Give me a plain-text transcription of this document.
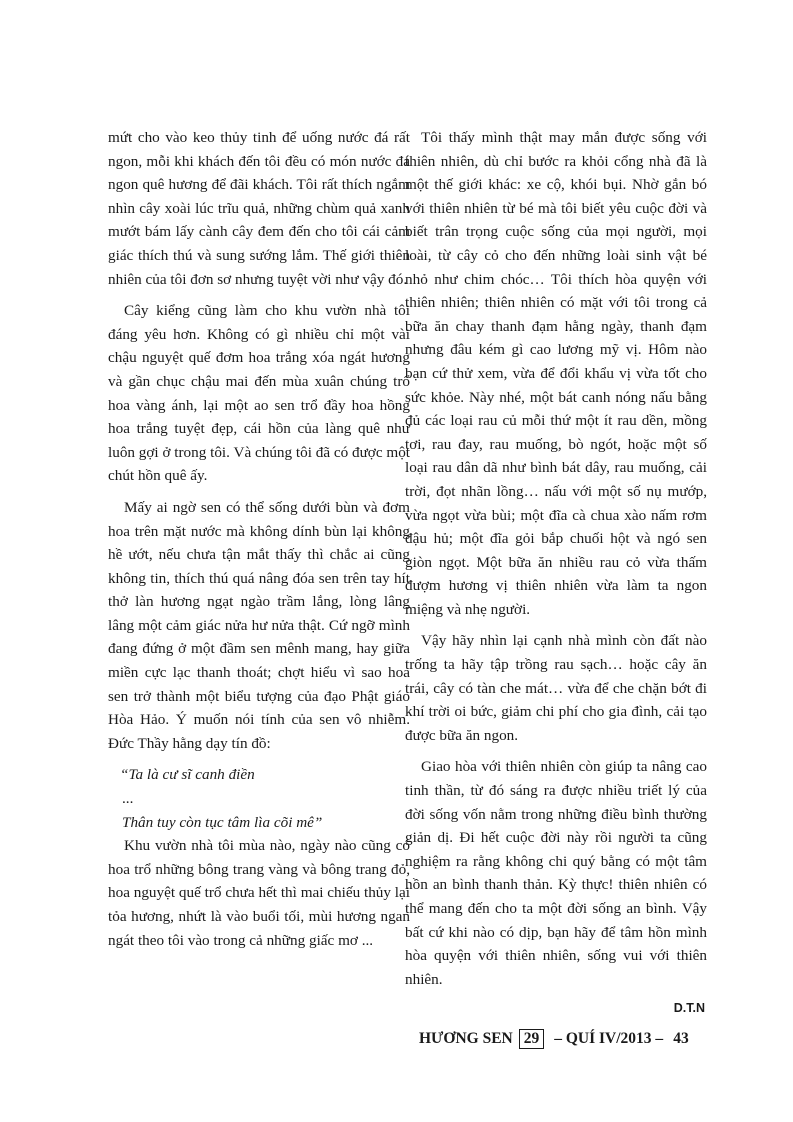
mứt cho vào keo thủy tinh để uống nước đá rất ngon, mỗi khi khách đến tôi đều có món nước đá ngon quê hương để đãi khách. Tôi rất thích ngắm nhìn cây xoài lúc trĩu quả, những chùm quả xanh mướt bám lấy cành cây đem đến cho tôi cái cảm giác thích thú và sung sướng lắm. Thế giới thiên nhiên của tôi đơn sơ nhưng tuyệt vời như vậy đó.

Cây kiểng cũng làm cho khu vườn nhà tôi đáng yêu hơn. Không có gì nhiều chỉ một vài chậu nguyệt quế đơm hoa trắng xóa ngát hương và gần chục chậu mai đến mùa xuân chúng trổ hoa vàng ánh, lại một ao sen trổ đầy hoa hồng hoa trắng tuyệt đẹp, cái hồn của làng quê như luôn gợi ở trong tôi. Và chúng tôi đã có được một chút hồn quê ấy.

Mấy ai ngờ sen có thể sống dưới bùn và đơm hoa trên mặt nước mà không dính bùn lại không hề ướt, nếu chưa tận mắt thấy thì chắc ai cũng không tin, thích thú quá nâng đóa sen trên tay hít thở làn hương ngạt ngào trầm lắng, lòng lâng lâng một cảm giác nửa hư nửa thật. Cứ ngỡ mình đang đứng ở một đầm sen mênh mang, hay giữa miền cực lạc thanh thoát; chợt hiểu vì sao hoa sen trở thành một biểu tượng của đạo Phật giáo Hòa Hảo. Ý muốn nói tính của sen vô nhiễm. Đức Thầy hằng dạy tín đồ:

“Ta là cư sĩ canh điền

...

Thân tuy còn tục tâm lìa cõi mê”

Khu vườn nhà tôi mùa nào, ngày nào cũng có hoa trổ những bông trang vàng và bông trang đỏ, hoa nguyệt quế trổ chưa hết thì mai chiếu thủy lại tỏa hương, nhứt là vào buổi tối, mùi hương ngan ngát theo tôi vào trong cả những giấc mơ ...

Tôi thấy mình thật may mắn được sống với thiên nhiên, dù chỉ bước ra khỏi cổng nhà đã là một thế giới khác: xe cộ, khói bụi. Nhờ gắn bó với thiên nhiên từ bé mà tôi biết yêu cuộc đời và biết trân trọng cuộc sống của mọi người, mọi loài, từ cây cỏ cho đến những loài sinh vật bé nhỏ như chim chóc… Tôi thích hòa quyện với thiên nhiên; thiên nhiên có mặt với tôi trong cả bữa ăn chay thanh đạm hằng ngày, thanh đạm nhưng đâu kém gì cao lương mỹ vị. Hôm nào bạn cứ thử xem, vừa để đổi khẩu vị vừa tốt cho sức khỏe. Này nhé, một bát canh nóng nấu bằng đủ các loại rau củ mỗi thứ một ít rau dền, mồng tơi, rau đay, rau muống, bò ngót, hoặc một số loại rau dân dã như bình bát dây, rau muống, cải trời, đọt nhãn lồng… nấu với một số nụ mướp, vừa ngọt vừa bùi; một đĩa cà chua xào nấm rơm đậu hủ; một đĩa gỏi bắp chuối hột và ngó sen giòn ngọt. Một bữa ăn nhiều rau cỏ vừa thấm đượm hương vị thiên nhiên vừa làm ta ngon miệng và nhẹ người.

Vậy hãy nhìn lại cạnh nhà mình còn đất nào trống ta hãy tập trồng rau sạch… hoặc cây ăn trái, cây có tàn che mát… vừa để che chặn bớt đi khí trời oi bức, giảm chi phí cho gia đình, cải tạo được bữa ăn ngon.

Giao hòa với thiên nhiên còn giúp ta nâng cao tinh thần, từ đó sáng ra được nhiều triết lý của đời sống vốn nằm trong những điều bình thường giản dị. Đi hết cuộc đời này rồi người ta cũng nghiệm ra rằng không chi quý bằng có một tâm hồn an bình thanh thản. Kỳ thực! thiên nhiên có thể mang đến cho ta một đời sống an bình. Vậy bất cứ khi nào có dịp, bạn hãy để tâm hồn mình hòa quyện với thiên nhiên, sống vui với thiên nhiên.

D.T.N

HƯƠNG SEN 29 – QUÍ IV/2013 – 43
